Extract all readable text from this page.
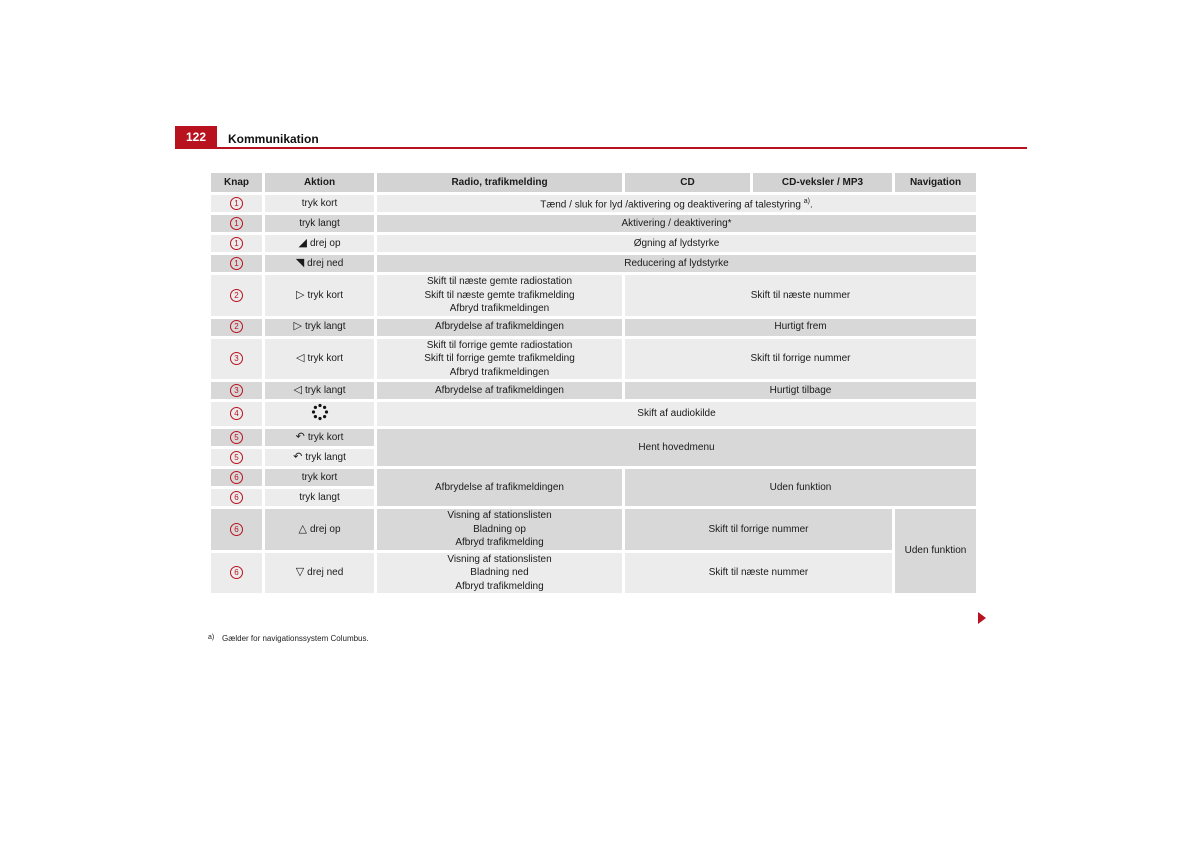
122	Kommunikation
Knap	Aktion	Radio, trafikmelding	CD	CD-veksler / MP3	Navigation
1	tryk kort	Tænd / sluk for lyd /aktivering og deaktivering af talestyring $^{a)}$.			
1	tryk langt	Aktivering / deaktivering*			
1	◢ drej op	Øgning af lydstyrke			
1	◥ drej ned	Reducering af lydstyrke			
2	▷ tryk kort	Skift til næste gemte radiostation
Skift til næste gemte trafikmelding
Afbryd trafikmeldingen	Skift til næste nummer		
2	▷ tryk langt	Afbrydelse af trafikmeldingen	Hurtigt frem		
3	◁ tryk kort	Skift til forrige gemte radiostation
Skift til forrige gemte trafikmelding
Afbryd trafikmeldingen	Skift til forrige nummer		
3	◁ tryk langt	Afbrydelse af trafikmeldingen	Hurtigt tilbage		
4		Skift af audiokilde			
5	↶ tryk kort	Hent hovedmenu			
5	↶ tryk langt				
6	tryk kort	Afbrydelse af trafikmeldingen	Uden funktion		
6	tryk langt				
6	△ drej op	Visning af stationslisten
Bladning op
Afbryd trafikmelding	Skift til forrige nummer		Uden funktion
6	▽ drej ned	Visning af stationslisten
Bladning ned
Afbryd trafikmelding	Skift til næste nummer		
a) Gælder for navigationssystem Columbus.
